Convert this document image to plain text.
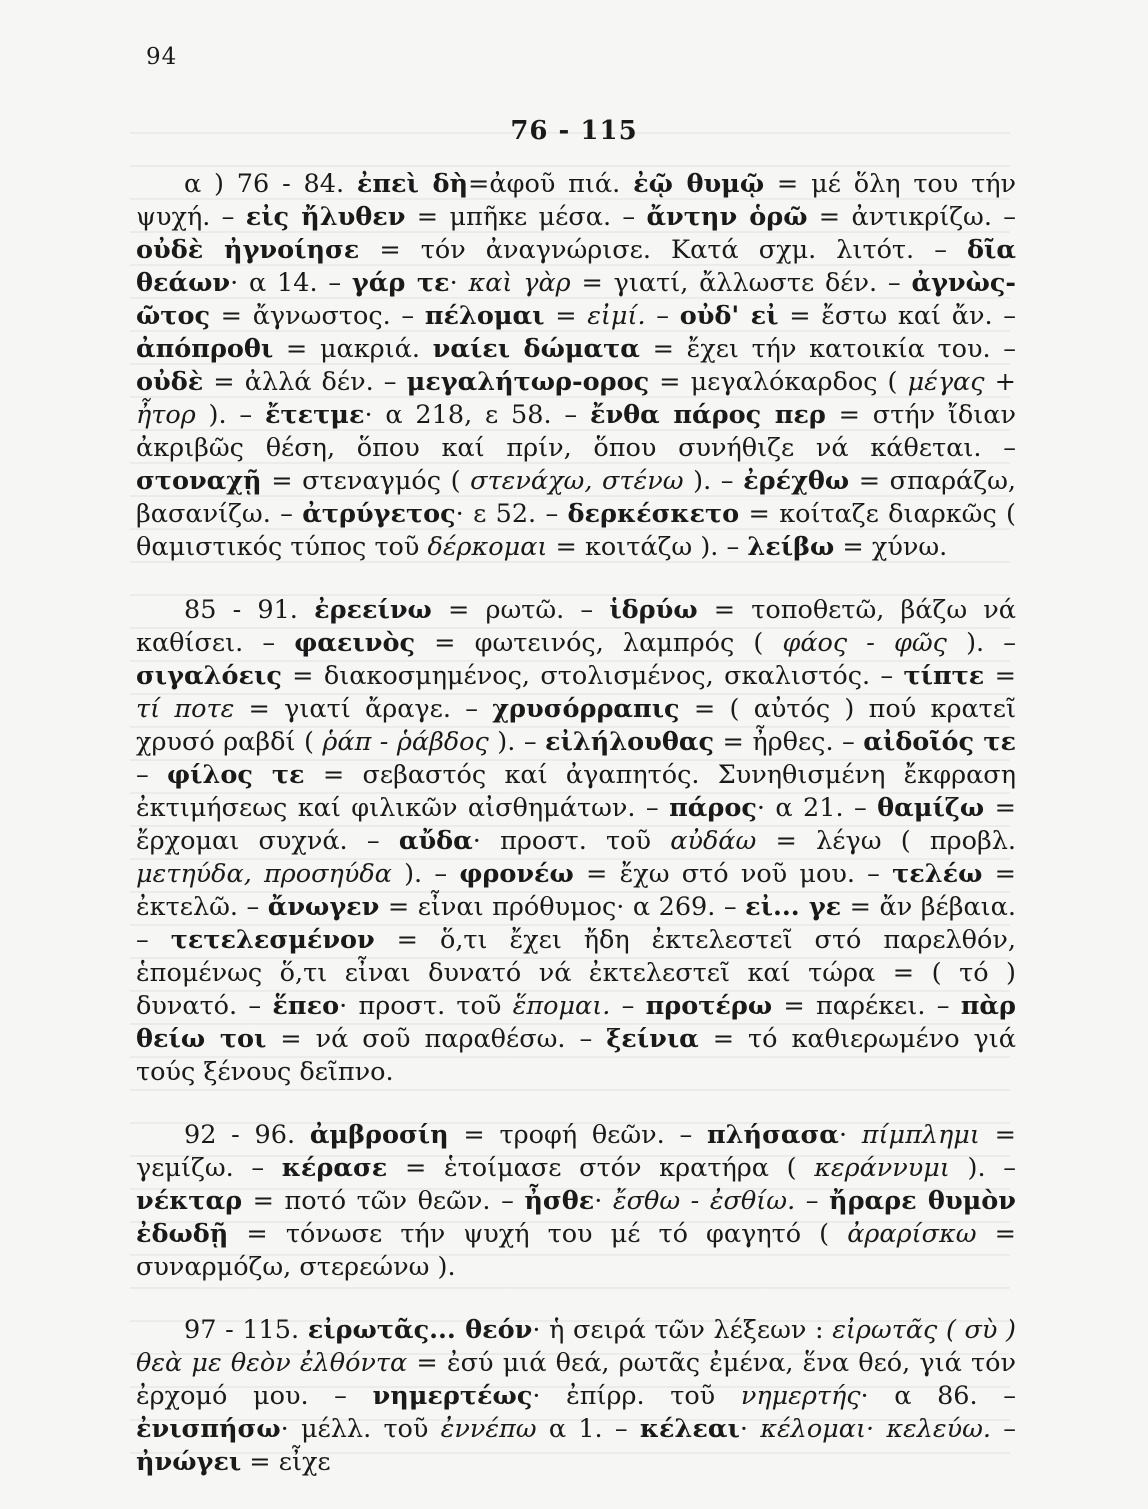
94
76 - 115

α ) 76 - 84. ἐπεὶ δὴ=ἀφοῦ πιά. ἐῷ θυμῷ = μέ ὅλη του τήν ψυχή. – εἰς ἤλυθεν = μπῆκε μέσα. – ἄντην ὁρῶ = ἀντικρίζω. – οὐδὲ ἠγνοίησε = τόν ἀναγνώρισε. Κατά σχμ. λιτότ. – δῖα θεάων· α 14. – γάρ τε· καὶ γὰρ = γιατί, ἄλλωστε δέν. – ἀγνὼς-ῶτος = ἄγνωστος. – πέλομαι = εἰμί. – οὐδ' εἰ = ἔστω καί ἄν. – ἀπόπροθι = μακριά. ναίει δώματα = ἔχει τήν κατοικία του. – οὐδὲ = ἀλλά δέν. – μεγαλήτωρ-ορος = μεγαλόκαρδος ( μέγας + ἦτορ ). – ἔτετμε· α 218, ε 58. – ἔνθα πάρος περ = στήν ἴδιαν ἀκριβῶς θέση, ὅπου καί πρίν, ὅπου συνήθιζε νά κάθεται. – στοναχῇ = στεναγμός ( στενάχω, στένω ). – ἐρέχθω = σπαράζω, βασανίζω. – ἀτρύγετος· ε 52. – δερκέσκετο = κοίταζε διαρκῶς ( θαμιστικός τύπος τοῦ δέρκομαι = κοιτάζω ). – λείβω = χύνω.

85 - 91. ἐρεείνω = ρωτῶ. – ἱδρύω = τοποθετῶ, βάζω νά καθίσει. – φαεινὸς = φωτεινός, λαμπρός ( φάος - φῶς ). – σιγαλόεις = διακοσμημένος, στολισμένος, σκαλιστός. – τίπτε = τί ποτε = γιατί ἄραγε. – χρυσόρραπις = ( αὐτός ) πού κρατεῖ χρυσό ραβδί ( ῥάπ - ῥάβδος ). – εἰλήλουθας = ἦρθες. – αἰδοῖός τε – φίλος τε = σεβαστός καί ἀγαπητός. Συνηθισμένη ἔκφραση ἐκτιμήσεως καί φιλικῶν αἰσθημάτων. – πάρος· α 21. – θαμίζω = ἔρχομαι συχνά. – αὔδα· προστ. τοῦ αὐδάω = λέγω ( προβλ. μετηύδα, προσηύδα ). – φρονέω = ἔχω στό νοῦ μου. – τελέω = ἐκτελῶ. – ἄνωγεν = εἶναι πρόθυμος· α 269. – εἰ... γε = ἄν βέβαια. – τετελεσμένον = ὅ,τι ἔχει ἤδη ἐκτελεστεῖ στό παρελθόν, ἑπομένως ὅ,τι εἶναι δυνατό νά ἐκτελεστεῖ καί τώρα = ( τό ) δυνατό. – ἕπεο· προστ. τοῦ ἕπομαι. – προτέρω = παρέκει. – πὰρ θείω τοι = νά σοῦ παραθέσω. – ξείνια = τό καθιερωμένο γιά τούς ξένους δεῖπνο.

92 - 96. ἀμβροσίη = τροφή θεῶν. – πλήσασα· πίμπλημι = γεμίζω. – κέρασε = ἑτοίμασε στόν κρατήρα ( κεράννυμι ). – νέκταρ = ποτό τῶν θεῶν. – ἦσθε· ἔσθω - ἐσθίω. – ἤραρε θυμὸν ἐδωδῇ = τόνωσε τήν ψυχή του μέ τό φαγητό ( ἀραρίσκω = συναρμόζω, στερεώνω ).

97 - 115. εἰρωτᾶς... θεόν· ἡ σειρά τῶν λέξεων : εἰρωτᾶς ( σὺ ) θεὰ με θεὸν ἐλθόντα = ἐσύ μιά θεά, ρωτᾶς ἐμένα, ἕνα θεό, γιά τόν ἐρχομό μου. – νημερτέως· ἐπίρρ. τοῦ νημερτής· α 86. – ἐνισπήσω· μέλλ. τοῦ ἐννέπω α 1. – κέλεαι· κέλομαι· κελεύω. – ἠνώγει = εἶχε
